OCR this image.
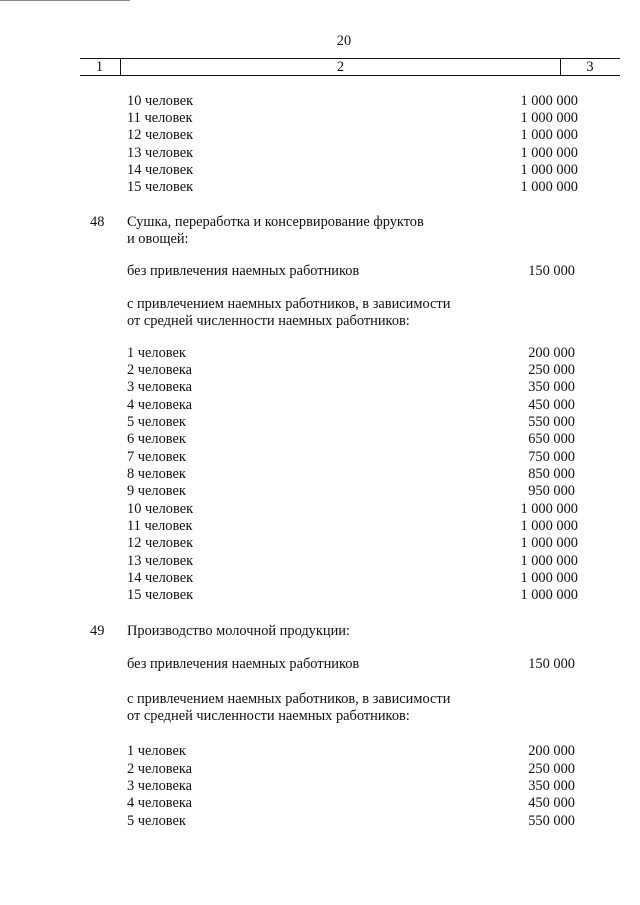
20
1	2	3
10 человек	1 000 000
11 человек	1 000 000
12 человек	1 000 000
13 человек	1 000 000
14 человек	1 000 000
15 человек	1 000 000
48 Сушка, переработка и консервирование фруктов
и овощей:
без привлечения наемных работников	150 000
с привлечением наемных работников, в зависимости
от средней численности наемных работников:
1 человек	200 000
2 человека	250 000
3 человека	350 000
4 человека	450 000
5 человек	550 000
6 человек	650 000
7 человек	750 000
8 человек	850 000
9 человек	950 000
10 человек	1 000 000
11 человек	1 000 000
12 человек	1 000 000
13 человек	1 000 000
14 человек	1 000 000
15 человек	1 000 000
49 Производство молочной продукции:
без привлечения наемных работников	150 000
с привлечением наемных работников, в зависимости
от средней численности наемных работников:
1 человек	200 000
2 человека	250 000
3 человека	350 000
4 человека	450 000
5 человек	550 000
